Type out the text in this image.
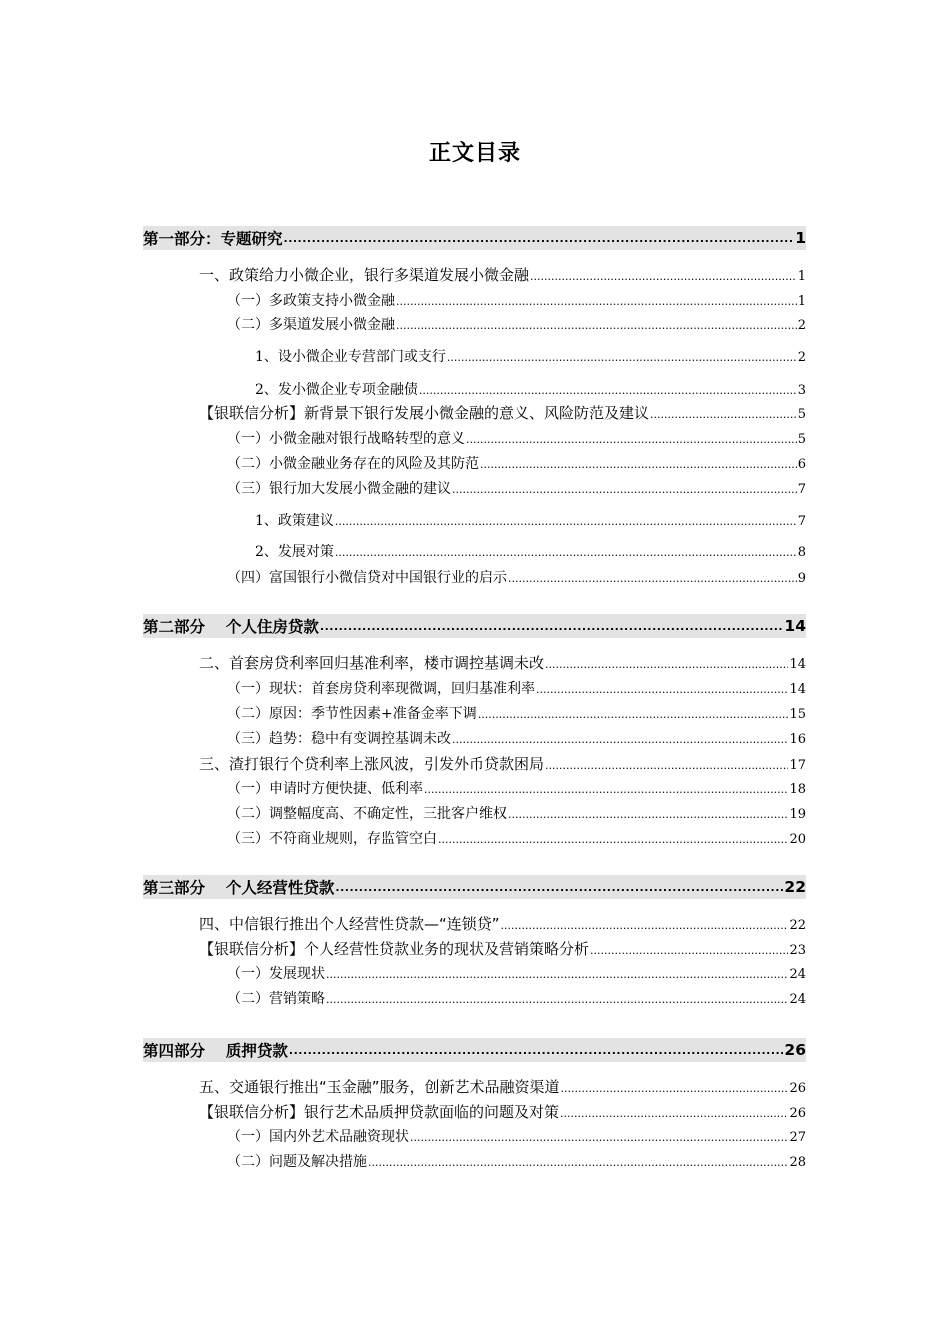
正文目录
第一部分：专题研究 .....	1
一、政策给力小微企业，银行多渠道发展小微金融 .....	1
（一）多政策支持小微金融 .....	1
（二）多渠道发展小微金融 .....	2
1、设小微企业专营部门或支行 .....	2
2、发小微企业专项金融债 .....	3
【银联信分析】新背景下银行发展小微金融的意义、风险防范及建议 .....	5
（一）小微金融对银行战略转型的意义 .....	5
（二）小微金融业务存在的风险及其防范 .....	6
（三）银行加大发展小微金融的建议 .....	7
1、政策建议 .....	7
2、发展对策 .....	8
（四）富国银行小微信贷对中国银行业的启示 .....	9
第二部分　 个人住房贷款 .....	14
二、首套房贷利率回归基准利率，楼市调控基调未改 .....	14
（一）现状：首套房贷利率现微调，回归基准利率 .....	14
（二）原因：季节性因素+准备金率下调 .....	15
（三）趋势：稳中有变调控基调未改 .....	16
三、渣打银行个贷利率上涨风波，引发外币贷款困局 .....	17
（一）申请时方便快捷、低利率 .....	18
（二）调整幅度高、不确定性，三批客户维权 .....	19
（三）不符商业规则，存监管空白 .....	20
第三部分　 个人经营性贷款 .....	22
四、中信银行推出个人经营性贷款—“连锁贷” .....	22
【银联信分析】个人经营性贷款业务的现状及营销策略分析 .....	23
（一）发展现状 .....	24
（二）营销策略 .....	24
第四部分　 质押贷款 .....	26
五、交通银行推出“玉金融”服务，创新艺术品融资渠道 .....	26
【银联信分析】银行艺术品质押贷款面临的问题及对策 .....	26
（一）国内外艺术品融资现状 .....	27
（二）问题及解决措施 .....	28
